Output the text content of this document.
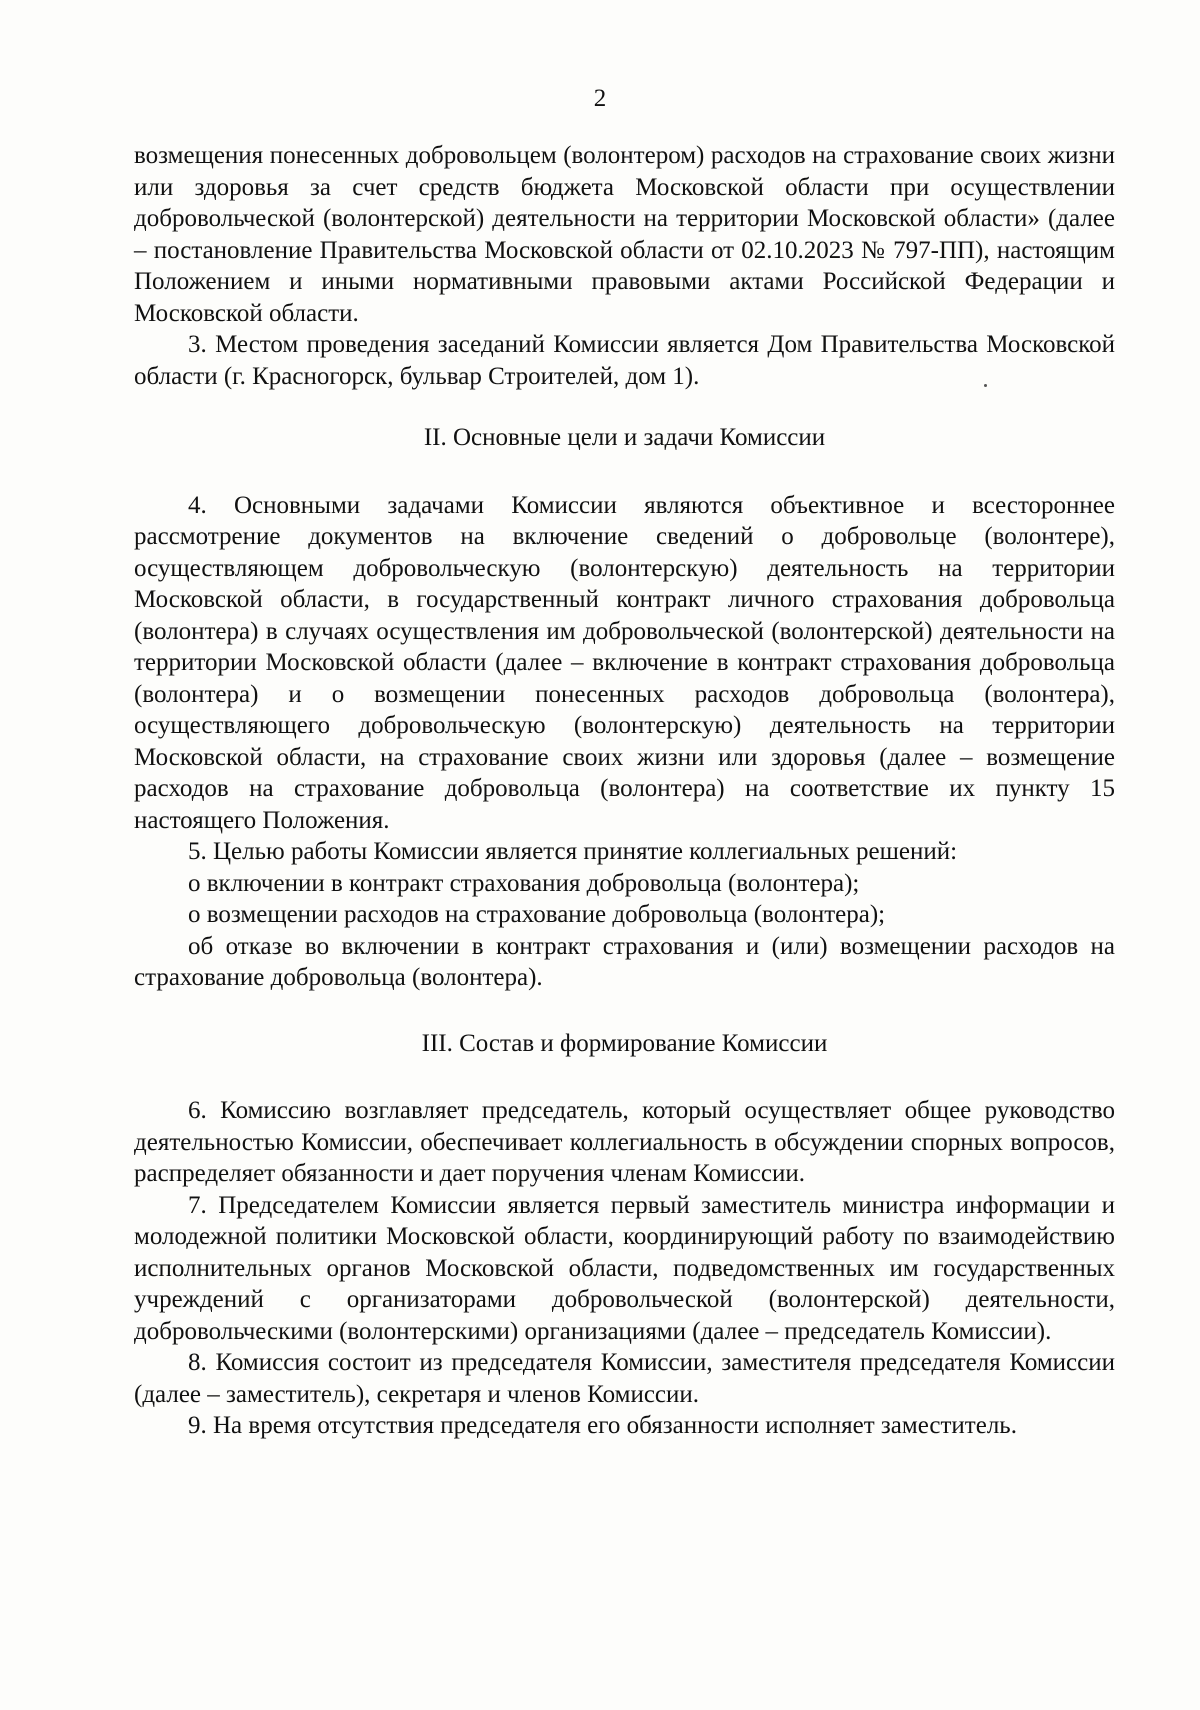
2

возмещения понесенных добровольцем (волонтером) расходов на страхование своих жизни или здоровья за счет средств бюджета Московской области при осуществлении добровольческой (волонтерской) деятельности на территории Московской области» (далее – постановление Правительства Московской области от 02.10.2023 № 797-ПП), настоящим Положением и иными нормативными правовыми актами Российской Федерации и Московской области.

3. Местом проведения заседаний Комиссии является Дом Правительства Московской области (г. Красногорск, бульвар Строителей, дом 1).

II. Основные цели и задачи Комиссии

4. Основными задачами Комиссии являются объективное и всестороннее рассмотрение документов на включение сведений о добровольце (волонтере), осуществляющем добровольческую (волонтерскую) деятельность на территории Московской области, в государственный контракт личного страхования добровольца (волонтера) в случаях осуществления им добровольческой (волонтерской) деятельности на территории Московской области (далее – включение в контракт страхования добровольца (волонтера) и о возмещении понесенных расходов добровольца (волонтера), осуществляющего добровольческую (волонтерскую) деятельность на территории Московской области, на страхование своих жизни или здоровья (далее – возмещение расходов на страхование добровольца (волонтера) на соответствие их пункту 15 настоящего Положения.

5. Целью работы Комиссии является принятие коллегиальных решений:

о включении в контракт страхования добровольца (волонтера);

о возмещении расходов на страхование добровольца (волонтера);

об отказе во включении в контракт страхования и (или) возмещении расходов на страхование добровольца (волонтера).

III. Состав и формирование Комиссии

6. Комиссию возглавляет председатель, который осуществляет общее руководство деятельностью Комиссии, обеспечивает коллегиальность в обсуждении спорных вопросов, распределяет обязанности и дает поручения членам Комиссии.

7. Председателем Комиссии является первый заместитель министра информации и молодежной политики Московской области, координирующий работу по взаимодействию исполнительных органов Московской области, подведомственных им государственных учреждений с организаторами добровольческой (волонтерской) деятельности, добровольческими (волонтерскими) организациями (далее – председатель Комиссии).

8. Комиссия состоит из председателя Комиссии, заместителя председателя Комиссии (далее – заместитель), секретаря и членов Комиссии.

9. На время отсутствия председателя его обязанности исполняет заместитель.
